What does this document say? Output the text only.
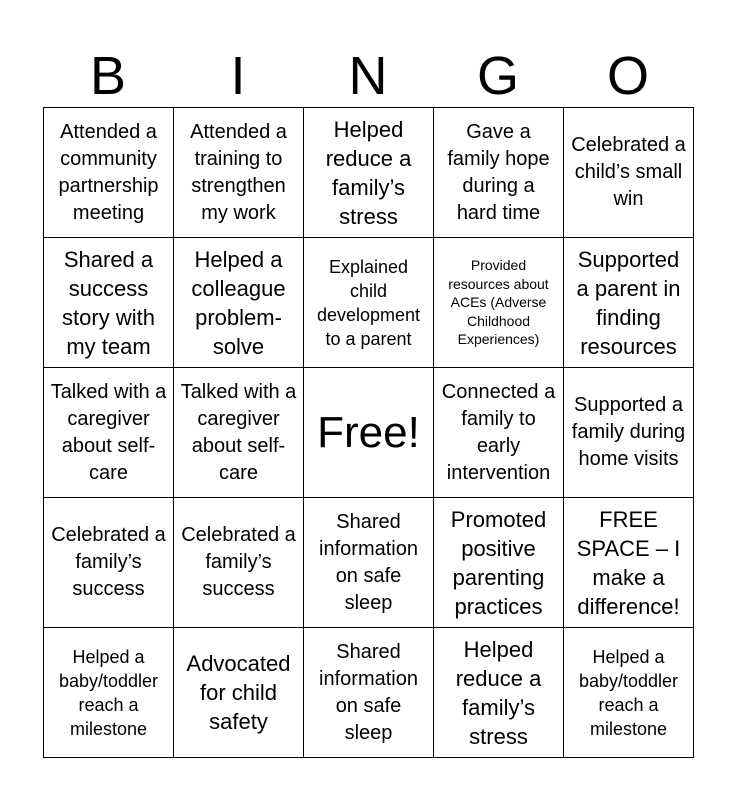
B	I	N	G	O
Attended a community partnership meeting	Attended a training to strengthen my work	Helped reduce a family’s stress	Gave a family hope during a hard time	Celebrated a child’s small win
Shared a success story with my team	Helped a colleague problem-solve	Explained child development to a parent	Provided resources about ACEs (Adverse Childhood Experiences)	Supported a parent in finding resources
Talked with a caregiver about self-care	Talked with a caregiver about self-care	Free!	Connected a family to early intervention	Supported a family during home visits
Celebrated a family’s success	Celebrated a family’s success	Shared information on safe sleep	Promoted positive parenting practices	FREE SPACE – I make a difference!
Helped a baby/toddler reach a milestone	Advocated for child safety	Shared information on safe sleep	Helped reduce a family’s stress	Helped a baby/toddler reach a milestone
